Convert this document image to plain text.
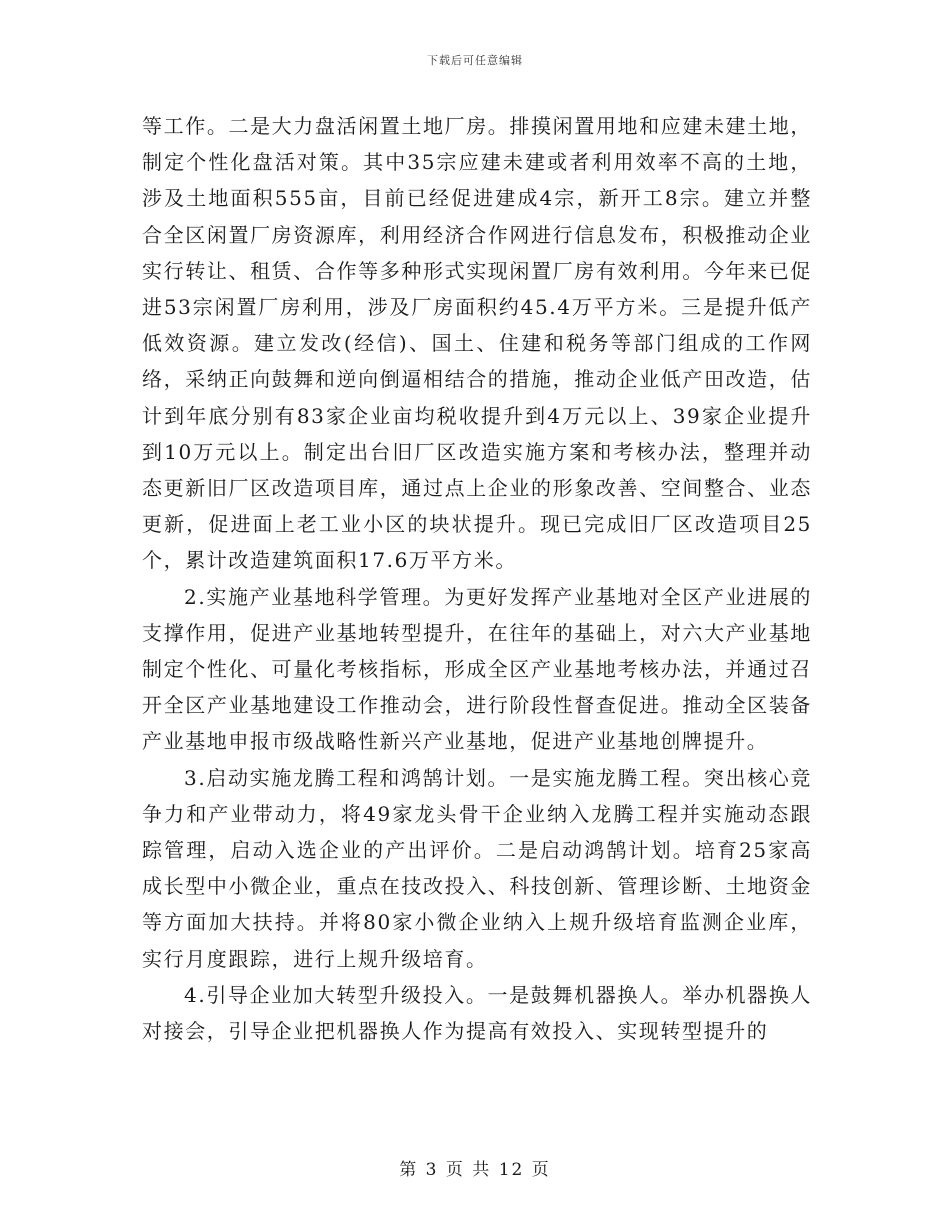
下载后可任意编辑

等工作。二是大力盘活闲置土地厂房。排摸闲置用地和应建未建土地，制定个性化盘活对策。其中35宗应建未建或者利用效率不高的土地，涉及土地面积555亩，目前已经促进建成4宗，新开工8宗。建立并整合全区闲置厂房资源库，利用经济合作网进行信息发布，积极推动企业实行转让、租赁、合作等多种形式实现闲置厂房有效利用。今年来已促进53宗闲置厂房利用，涉及厂房面积约45.4万平方米。三是提升低产低效资源。建立发改(经信)、国土、住建和税务等部门组成的工作网络，采纳正向鼓舞和逆向倒逼相结合的措施，推动企业低产田改造，估计到年底分别有83家企业亩均税收提升到4万元以上、39家企业提升到10万元以上。制定出台旧厂区改造实施方案和考核办法，整理并动态更新旧厂区改造项目库，通过点上企业的形象改善、空间整合、业态更新，促进面上老工业小区的块状提升。现已完成旧厂区改造项目25个，累计改造建筑面积17.6万平方米。

2.实施产业基地科学管理。为更好发挥产业基地对全区产业进展的支撑作用，促进产业基地转型提升，在往年的基础上，对六大产业基地制定个性化、可量化考核指标，形成全区产业基地考核办法，并通过召开全区产业基地建设工作推动会，进行阶段性督查促进。推动全区装备产业基地申报市级战略性新兴产业基地，促进产业基地创牌提升。

3.启动实施龙腾工程和鸿鹄计划。一是实施龙腾工程。突出核心竞争力和产业带动力，将49家龙头骨干企业纳入龙腾工程并实施动态跟踪管理，启动入选企业的产出评价。二是启动鸿鹄计划。培育25家高成长型中小微企业，重点在技改投入、科技创新、管理诊断、土地资金等方面加大扶持。并将80家小微企业纳入上规升级培育监测企业库，实行月度跟踪，进行上规升级培育。

4.引导企业加大转型升级投入。一是鼓舞机器换人。举办机器换人对接会，引导企业把机器换人作为提高有效投入、实现转型提升的

第 3 页 共 12 页
